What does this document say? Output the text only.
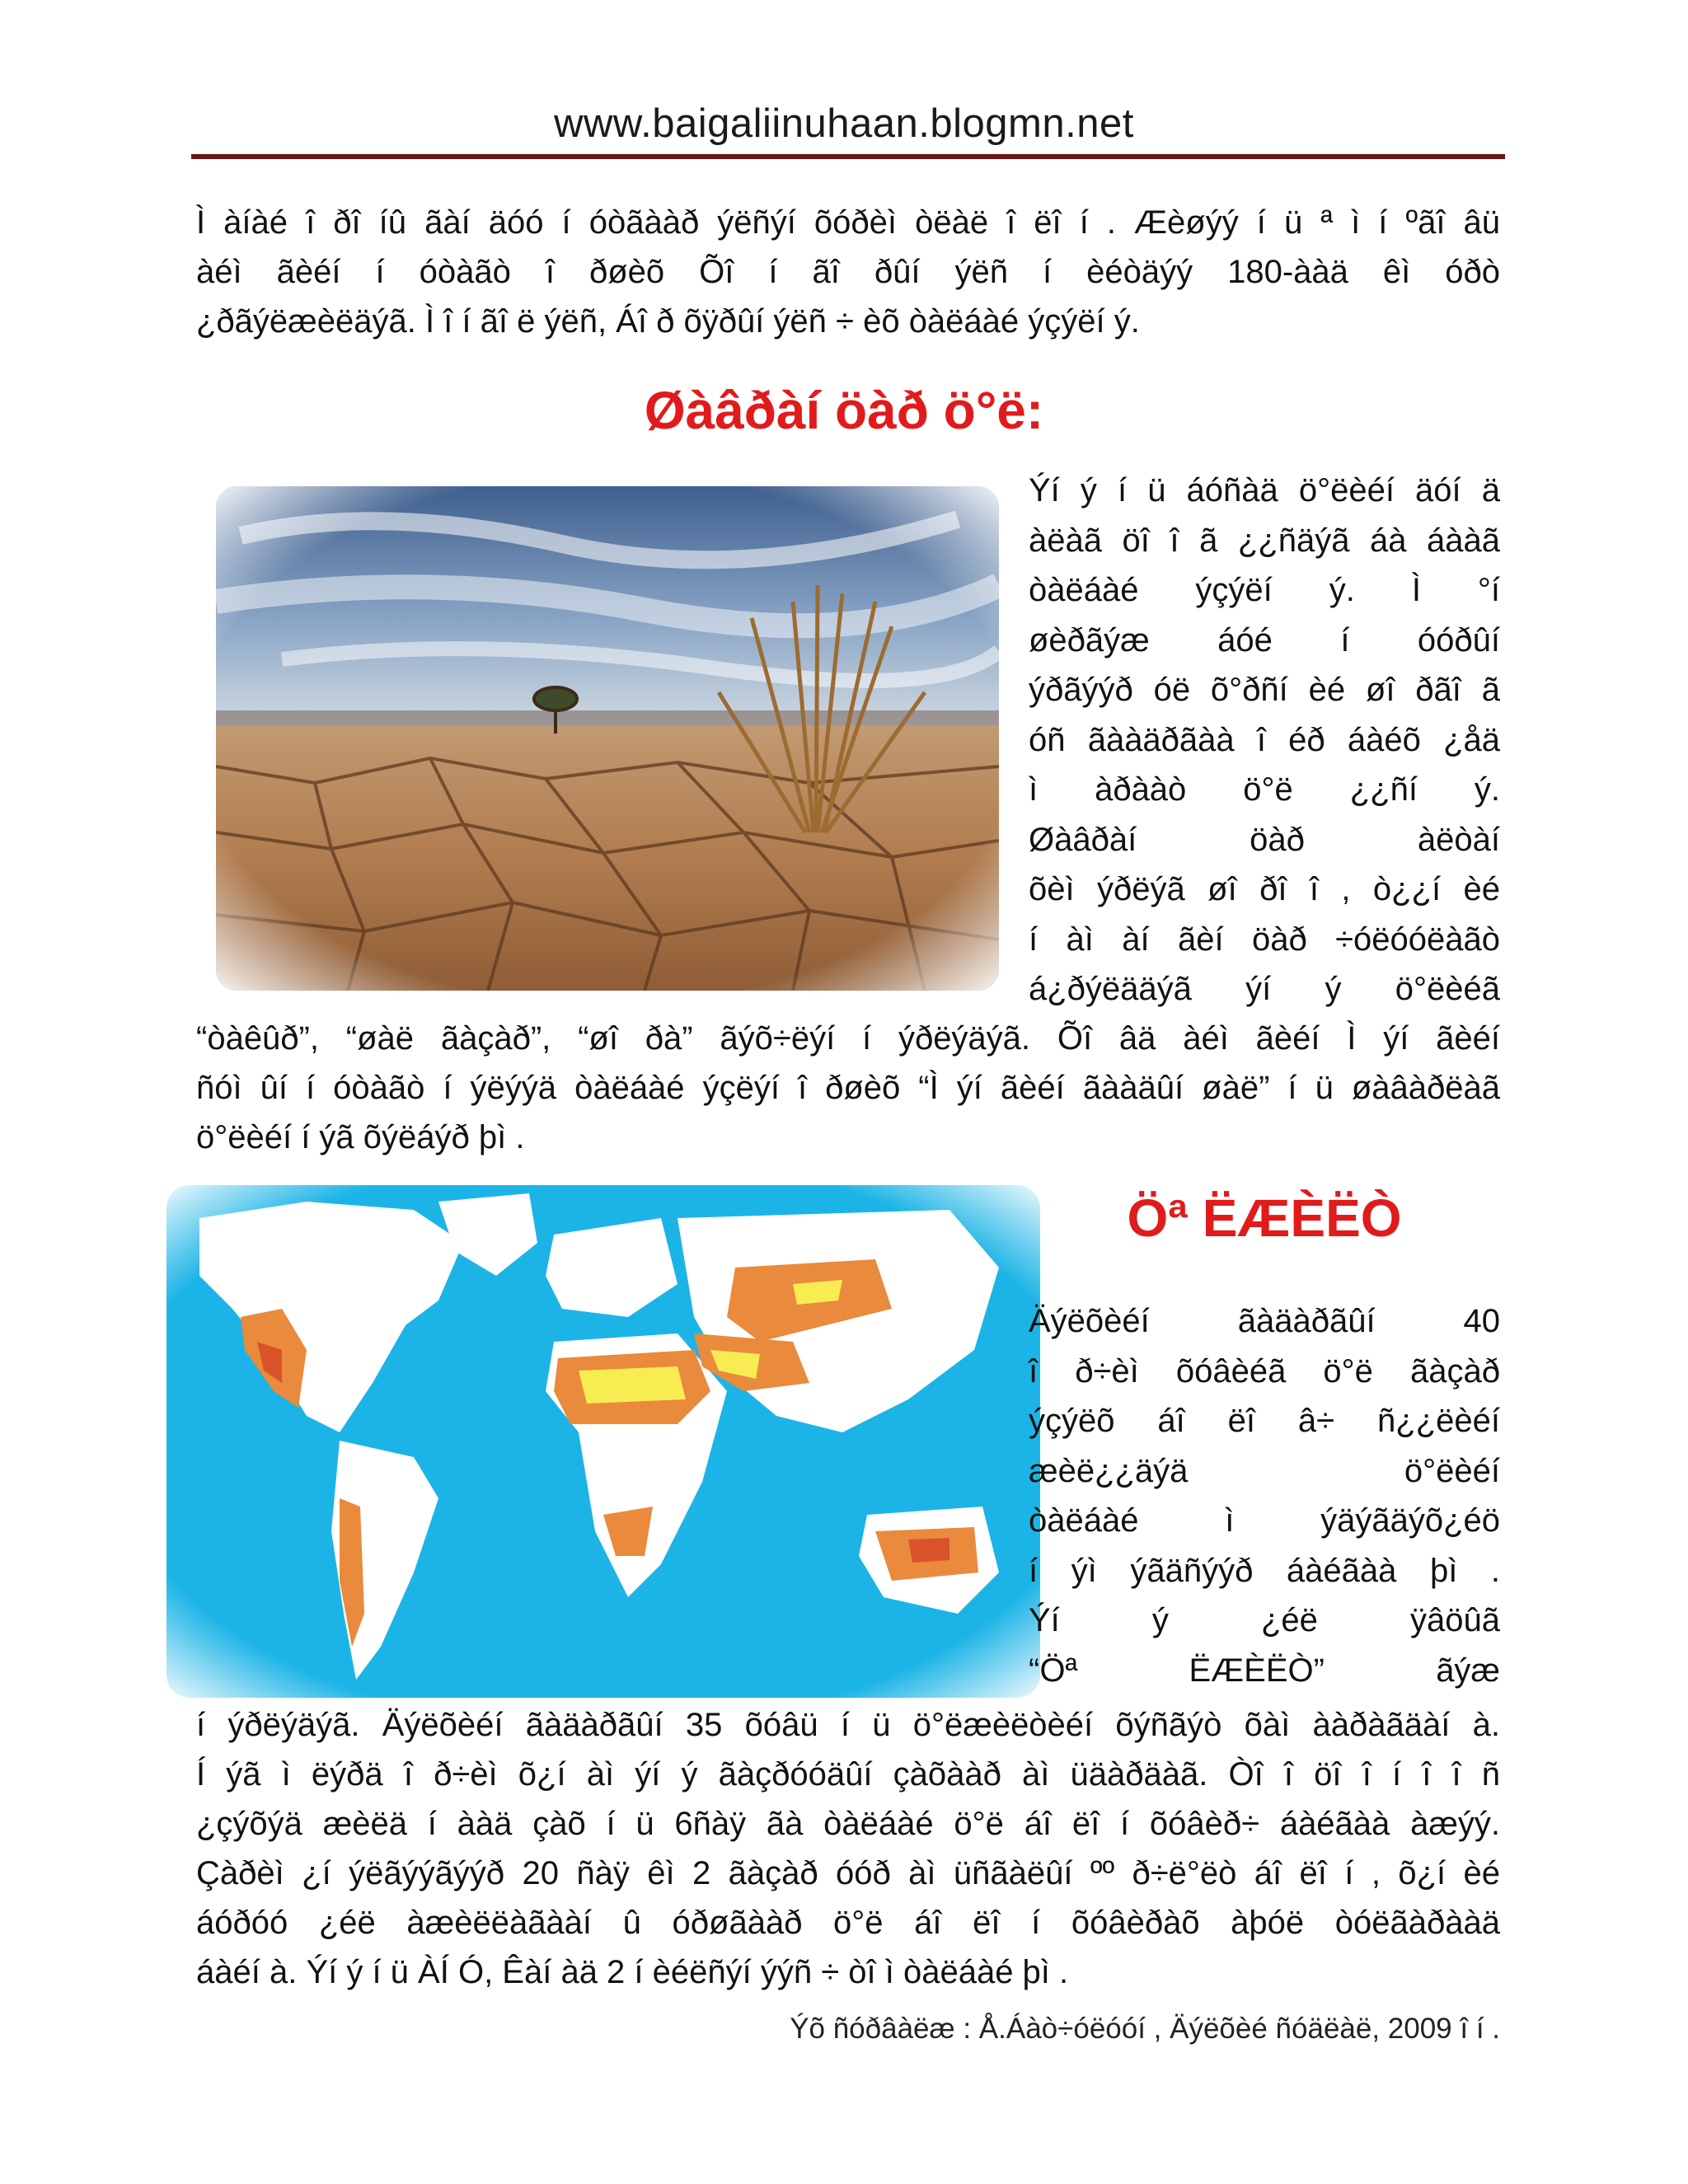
www.baigaliinuhaan.blogmn.net
Ì àíàé î ðî íû ãàí äóó í óòãààð ýëñýí õóðèì òëàë î ëî í . Æèøýý í ü ª ì í ºãî âü
àéì ãèéí í óòàãò î ðøèõ Õî í ãî ðûí ýëñ í èéòäýý 180-ààä êì óðò
¿ðãýëæèëäýã. Ì î í ãî ë ýëñ, Áî ð õÿðûí ýëñ ÷ èõ òàëáàé ýçýëí ý.
Øàâðàí öàð ö°ë:
Ýí ý í ü áóñàä ö°ëèéí äóí ä
àëàã öî î ã ¿¿ñäýã áà áààã
òàëáàé ýçýëí ý. Ì °í
øèðãýæ áóé í óóðûí
ýðãýýð óë õ°ðñí èé øî ðãî ã
óñ ãààäðãàà î éð áàéõ ¿åä
ì àðààò ö°ë ¿¿ñí ý.
Øàâðàí öàð àëòàí
õèì ýðëýã øî ðî î , ò¿¿í èé
í àì àí ãèí öàð ÷óëóóëàãò
á¿ðýëääýã ýí ý ö°ëèéã
“òàêûð”, “øàë ãàçàð”, “øî ðà” ãýõ÷ëýí í ýðëýäýã. Õî âä àéì ãèéí Ì ýí ãèéí
ñóì ûí í óòàãò í ýëýýä òàëáàé ýçëýí î ðøèõ “Ì ýí ãèéí ãààäûí øàë” í ü øàâàðëàã
ö°ëèéí í ýã õýëáýð þì .
Öª ËÆÈËÒ
Äýëõèéí ãàäàðãûí 40
î ð÷èì õóâèéã ö°ë ãàçàð
ýçýëõ áî ëî â÷ ñ¿¿ëèéí
æèë¿¿äýä ö°ëèéí
òàëáàé ì ýäýãäýõ¿éö
í ýì ýãäñýýð áàéãàà þì .
Ýí ý ¿éë ÿâöûã
“Öª ËÆÈËÒ” ãýæ
í ýðëýäýã. Äýëõèéí ãàäàðãûí 35 õóâü í ü ö°ëæèëòèéí õýñãýò õàì ààðàãäàí à.
Í ýã ì ëýðä î ð÷èì õ¿í àì ýí ý ãàçðóóäûí çàõààð àì üäàðäàã. Òî î öî î í î î ñ
¿çýõýä æèëä í ààä çàõ í ü 6ñàÿ ãà òàëáàé ö°ë áî ëî í õóâèð÷ áàéãàà àæýý.
Çàðèì ¿í ýëãýýãýýð 20 ñàÿ êì 2 ãàçàð óóð àì üñãàëûí ºº ð÷ë°ëò áî ëî í , õ¿í èé
áóðóó ¿éë àæèëëàãààí û óðøãààð ö°ë áî ëî í õóâèðàõ àþóë òóëãàðààä
áàéí à. Ýí ý í ü ÀÍ Ó, Êàí àä 2 í èéëñýí ýýñ ÷ òî ì òàëáàé þì .
Ýõ ñóðâàëæ : Å.Áàò÷óëóóí , Äýëõèé ñóäëàë, 2009 î í .
